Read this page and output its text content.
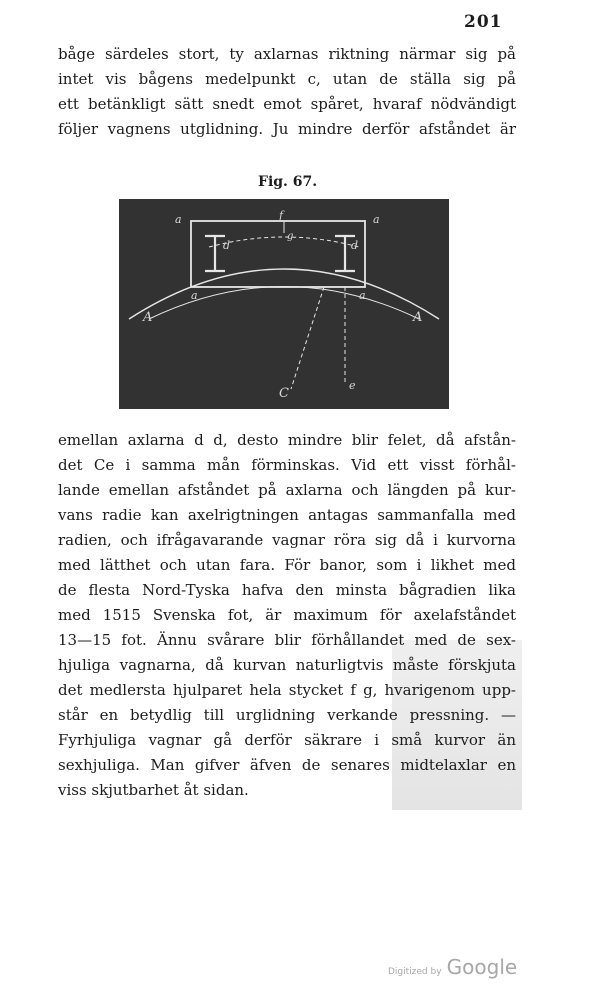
201
båge särdeles stort, ty axlarnas riktning närmar sig på
intet vis bågens medelpunkt c, utan de ställa sig på
ett betänkligt sätt snedt emot spåret, hvaraf nödvändigt
följer vagnens utglidning. Ju mindre derför afståndet är
Fig. 67.
a	a
a	a
A	A
d	d
f
g
C
e
emellan axlarna d d, desto mindre blir felet, då afstån-
det Ce i samma mån förminskas. Vid ett visst förhål-
lande emellan afståndet på axlarna och längden på kur-
vans radie kan axelrigtningen antagas sammanfalla med
radien, och ifrågavarande vagnar röra sig då i kurvorna
med lätthet och utan fara. För banor, som i likhet med
de flesta Nord-Tyska hafva den minsta bågradien lika
med 1515 Svenska fot, är maximum för axelafståndet
13—15 fot. Ännu svårare blir förhållandet med de sex-
hjuliga vagnarna, då kurvan naturligtvis måste förskjuta
det medlersta hjulparet hela stycket f g, hvarigenom upp-
står en betydlig till urglidning verkande pressning. —
Fyrhjuliga vagnar gå derför säkrare i små kurvor än
sexhjuliga. Man gifver äfven de senares midtelaxlar en
viss skjutbarhet åt sidan.
Digitized by Google
